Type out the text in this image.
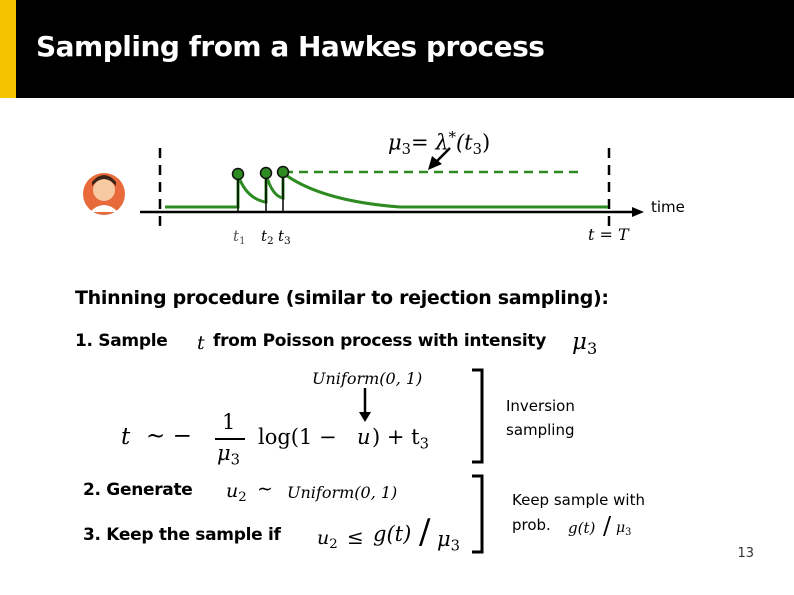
Sampling from a Hawkes process
$\mu_3= \lambda^*(t_3)$
time
$t_1$ $t_2$ $t_3$	t = T
Thinning procedure (similar to rejection sampling):
1. Sample t from Poisson process with intensity $\mu_3$
Uniform(0, 1)
t ∼ −
1
$\mu_3$
log(1 − u ) + $t_3$
Inversion
sampling
2. Generate $u_2$ ∼ Uniform(0, 1)
3. Keep the sample if $u_2 \le g(t) / \mu_3$
Keep sample with
prob. $g(t) / \mu_3$
13
